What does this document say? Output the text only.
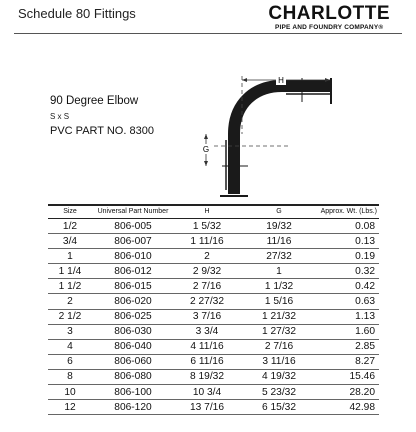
Schedule 80 Fittings	CHARLOTTE
PIPE AND FOUNDRY COMPANY®
90 Degree Elbow
S x S
PVC PART NO. 8300
H
G
Size	Universal Part Number	H	G	Approx. Wt. (Lbs.)
1/2	806-005	1 5/32	19/32	0.08
3/4	806-007	1 11/16	11/16	0.13
1	806-010	2	27/32	0.19
1 1/4	806-012	2 9/32	1	0.32
1 1/2	806-015	2 7/16	1 1/32	0.42
2	806-020	2 27/32	1 5/16	0.63
2 1/2	806-025	3 7/16	1 21/32	1.13
3	806-030	3 3/4	1 27/32	1.60
4	806-040	4 11/16	2 7/16	2.85
6	806-060	6 11/16	3 11/16	8.27
8	806-080	8 19/32	4 19/32	15.46
10	806-100	10 3/4	5 23/32	28.20
12	806-120	13 7/16	6 15/32	42.98
